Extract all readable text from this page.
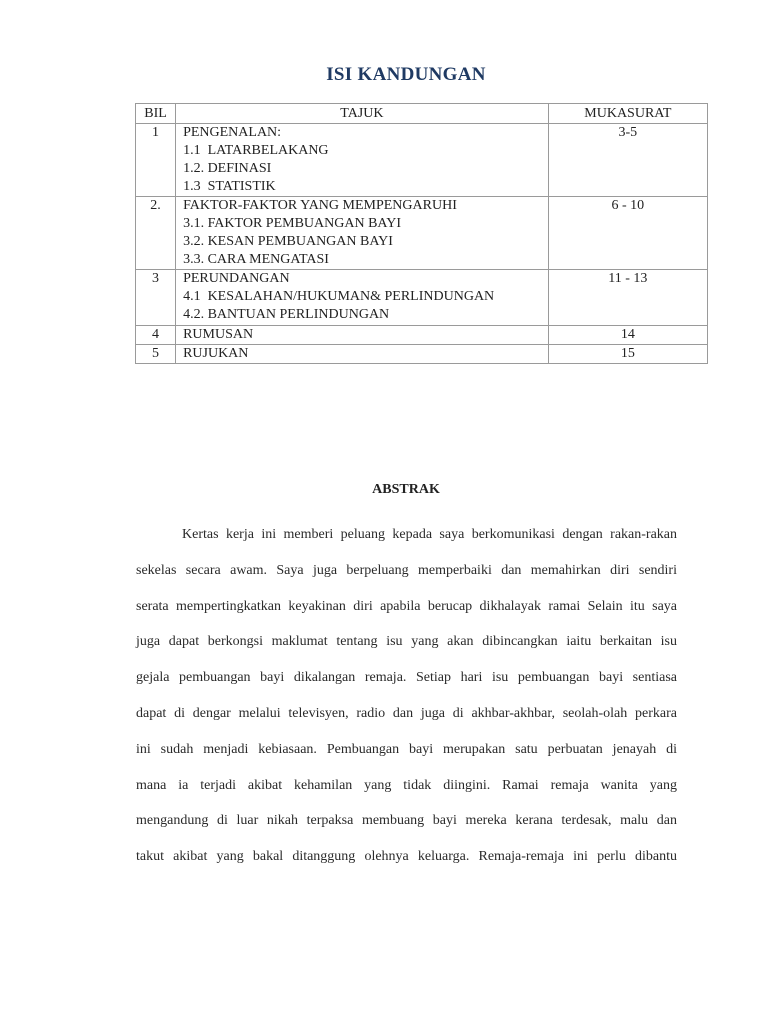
ISI KANDUNGAN
BIL	TAJUK	MUKASURAT
1	PENGENALAN:
1.1  LATARBELAKANG
1.2. DEFINASI
1.3  STATISTIK	3-5
2.	FAKTOR-FAKTOR YANG MEMPENGARUHI
3.1. FAKTOR PEMBUANGAN BAYI
3.2. KESAN PEMBUANGAN BAYI
3.3. CARA MENGATASI	6 - 10
3	PERUNDANGAN
4.1  KESALAHAN/HUKUMAN& PERLINDUNGAN
4.2. BANTUAN PERLINDUNGAN	11 - 13
4	RUMUSAN	14
5	RUJUKAN	15
ABSTRAK
Kertas kerja ini memberi peluang kepada saya berkomunikasi dengan rakan-rakan
sekelas secara awam. Saya juga berpeluang memperbaiki dan memahirkan diri sendiri
serata mempertingkatkan keyakinan diri apabila berucap dikhalayak ramai Selain itu saya
juga dapat berkongsi maklumat tentang isu yang akan dibincangkan iaitu berkaitan isu
gejala pembuangan bayi dikalangan remaja. Setiap hari isu pembuangan bayi sentiasa
dapat di dengar melalui televisyen, radio dan juga di akhbar-akhbar, seolah-olah perkara
ini sudah menjadi kebiasaan. Pembuangan bayi merupakan satu perbuatan jenayah di
mana ia terjadi akibat kehamilan yang tidak diingini. Ramai remaja wanita yang
mengandung di luar nikah terpaksa membuang bayi mereka kerana terdesak, malu dan
takut akibat yang bakal ditanggung olehnya keluarga. Remaja-remaja ini perlu dibantu
